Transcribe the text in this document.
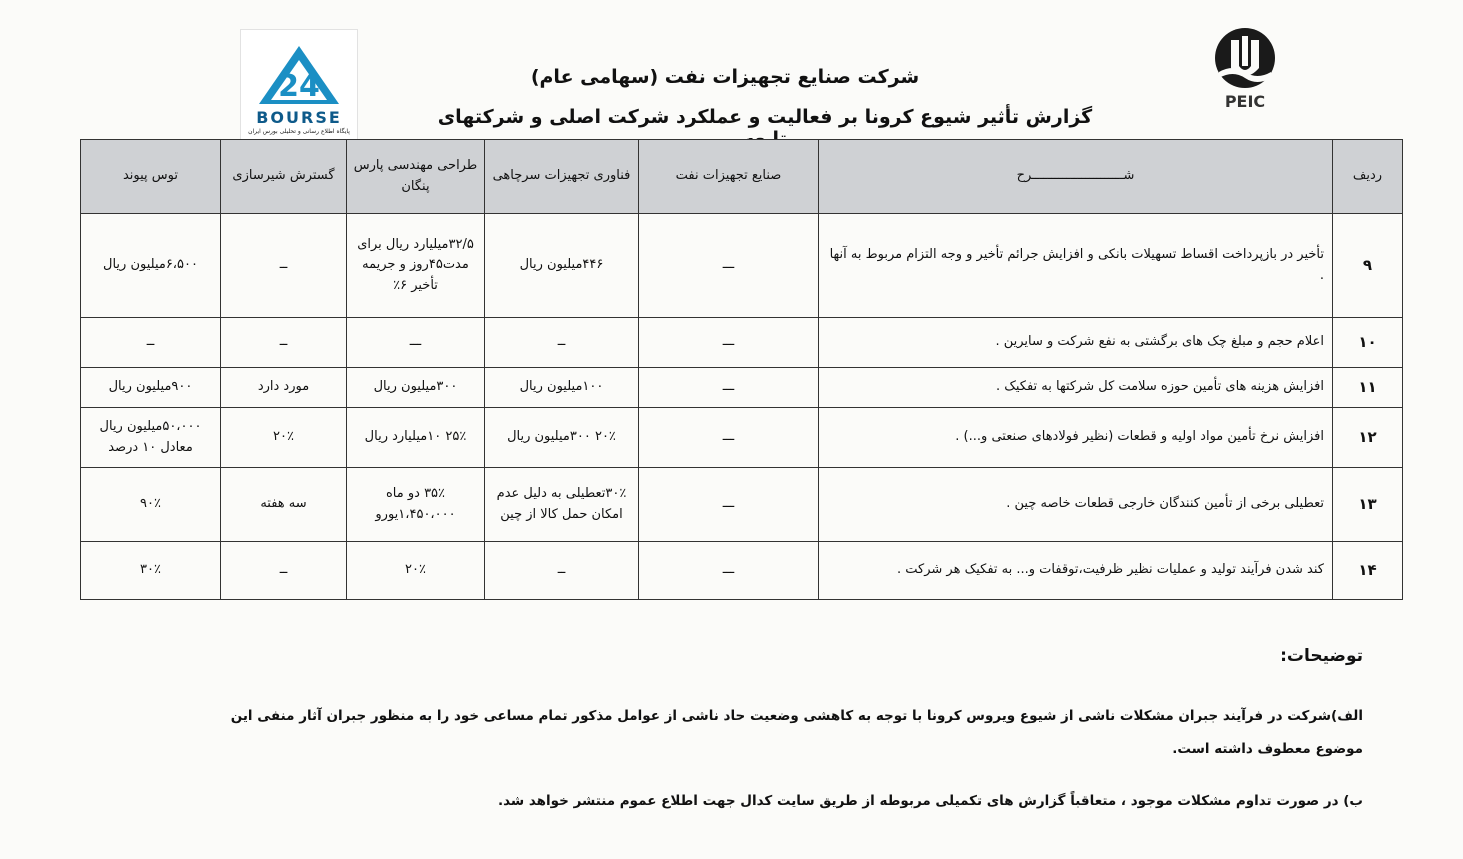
24
BOURSE
پایگاه اطلاع رسانی و تحلیلی بورس ایران
PEIC
شرکت صنایع تجهیزات نفت (سهامی عام)
گزارش تأثیر شیوع کرونا بر فعالیت و عملکرد شرکت اصلی و شرکتهای
ردیف	شــــــــــــــــــــــــرح	صنایع تجهیزات نفت	فناوری تجهیزات سرچاهی	طراحی مهندسی پارس پنگان	گسترش شیرسازی	توس پیوند
۹	تأخیر در بازپرداخت اقساط تسهیلات بانکی و افزایش جرائم تأخیر و وجه التزام مربوط به آنها .	ـــ	۴۴۶میلیون ریال	۳۲/۵میلیارد ریال برای مدت۴۵روز و جریمه تأخیر ۶٪	ــ	۶،۵۰۰میلیون ریال
۱۰	اعلام حجم و مبلغ چک های برگشتی به نفع شرکت و سایرین .	ـــ	ــ	ـــ	ــ	ــ
۱۱	افزایش هزینه های تأمین حوزه سلامت کل شرکتها به تفکیک .	ـــ	۱۰۰میلیون ریال	۳۰۰میلیون ریال	مورد دارد	۹۰۰میلیون ریال
۱۲	افزایش نرخ تأمین مواد اولیه و قطعات (نظیر فولادهای صنعتی و...) .	ـــ	۲۰٪ ۳۰۰میلیون ریال	۲۵٪ ۱۰میلیارد ریال	۲۰٪	۵۰،۰۰۰میلیون ریال معادل ۱۰ درصد
۱۳	تعطیلی برخی از تأمین کنندگان خارجی قطعات خاصه چین .	ـــ	۳۰٪تعطیلی به دلیل عدم امکان حمل کالا از چین	۳۵٪ دو ماه ۱،۴۵۰،۰۰۰یورو	سه هفته	۹۰٪
۱۴	کند شدن فرآیند تولید و عملیات نظیر ظرفیت،توقفات و... به تفکیک هر شرکت .	ـــ	ــ	۲۰٪	ــ	۳۰٪
توضیحات:
الف)شرکت در فرآیند جبران مشکلات ناشی از شیوع ویروس کرونا با توجه به کاهشی وضعیت حاد ناشی از عوامل مذکور تمام مساعی خود را به منظور جبران آثار منفی این موضوع معطوف داشته است.
ب) در صورت تداوم مشکلات موجود ، متعاقباً گزارش های تکمیلی مربوطه از طریق سایت کدال جهت اطلاع عموم منتشر خواهد شد.
